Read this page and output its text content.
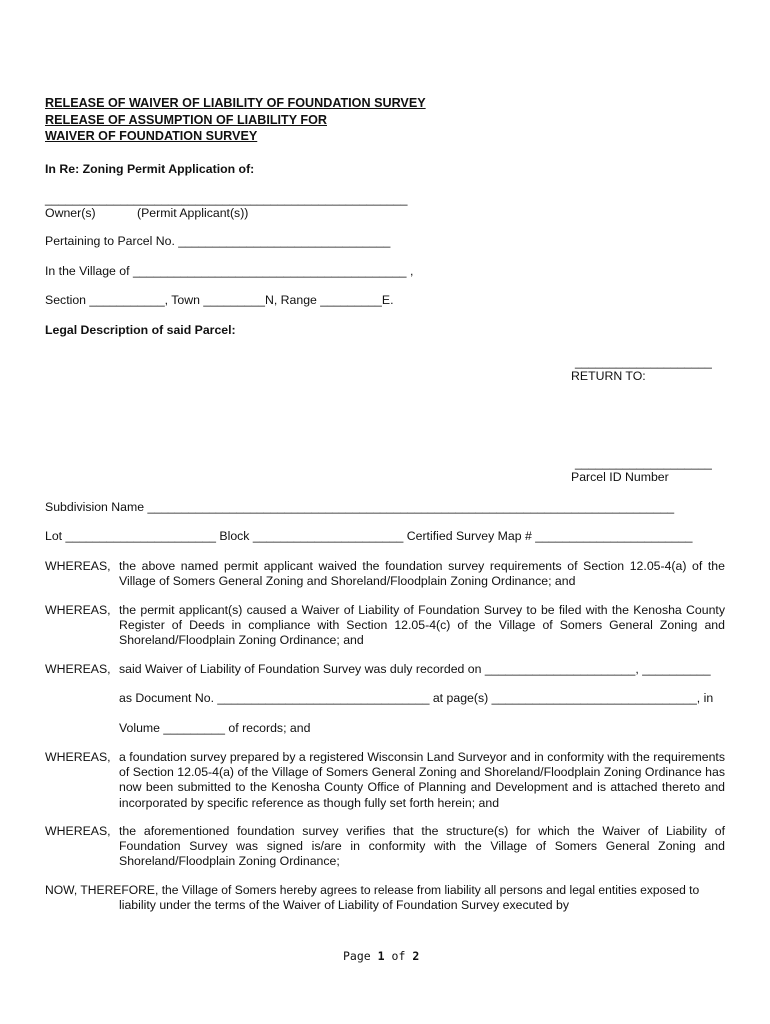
RELEASE OF WAIVER OF LIABILITY OF FOUNDATION SURVEY
RELEASE OF ASSUMPTION OF LIABILITY FOR
WAIVER OF FOUNDATION SURVEY
In Re: Zoning Permit Application of:
_____________________________________________________
Owner(s)	(Permit Applicant(s))
Pertaining to Parcel No. _______________________________
In the Village of ________________________________________ ,
Section ___________, Town _________N, Range _________E.
Legal Description of said Parcel:
____________________
RETURN TO:
____________________
Parcel ID Number
Subdivision Name _____________________________________________________________________________
Lot ______________________ Block ______________________ Certified Survey Map # _______________________
WHEREAS, the above named permit applicant waived the foundation survey requirements of Section 12.05-4(a) of the Village of Somers General Zoning and Shoreland/Floodplain Zoning Ordinance; and
WHEREAS, the permit applicant(s) caused a Waiver of Liability of Foundation Survey to be filed with the Kenosha County Register of Deeds in compliance with Section 12.05-4(c) of the Village of Somers General Zoning and Shoreland/Floodplain Zoning Ordinance; and
WHEREAS, said Waiver of Liability of Foundation Survey was duly recorded on ______________________, __________
as Document No. _______________________________ at page(s) ______________________________, in
Volume _________ of records; and
WHEREAS, a foundation survey prepared by a registered Wisconsin Land Surveyor and in conformity with the requirements of Section 12.05-4(a) of the Village of Somers General Zoning and Shoreland/Floodplain Zoning Ordinance has now been submitted to the Kenosha County Office of Planning and Development and is attached thereto and incorporated by specific reference as though fully set forth herein; and
WHEREAS, the aforementioned foundation survey verifies that the structure(s) for which the Waiver of Liability of Foundation Survey was signed is/are in conformity with the Village of Somers General Zoning and Shoreland/Floodplain Zoning Ordinance;
NOW, THEREFORE, the Village of Somers hereby agrees to release from liability all persons and legal entities exposed to
liability under the terms of the Waiver of Liability of Foundation Survey executed by
Page 1 of 2
